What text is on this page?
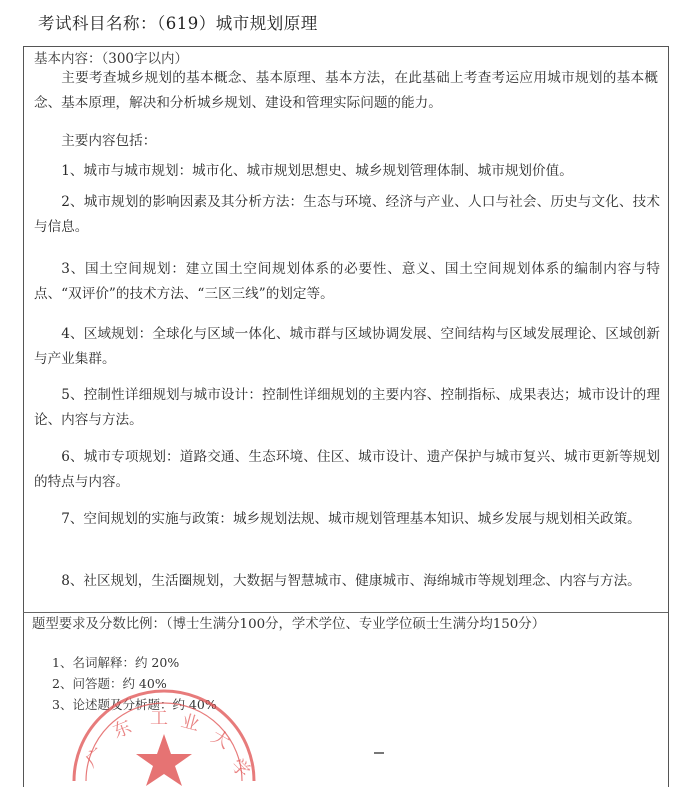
考试科目名称：（619）城市规划原理
基本内容：（300字以内）
主要考查城乡规划的基本概念、基本原理、基本方法，在此基础上考查考运应用城市规划的基本概念、基本原理，解决和分析城乡规划、建设和管理实际问题的能力。
主要内容包括：
1、城市与城市规划：城市化、城市规划思想史、城乡规划管理体制、城市规划价值。
2、城市规划的影响因素及其分析方法：生态与环境、经济与产业、人口与社会、历史与文化、技术与信息。
3、国土空间规划：建立国土空间规划体系的必要性、意义、国土空间规划体系的编制内容与特点、“双评价”的技术方法、“三区三线”的划定等。
4、区域规划：全球化与区域一体化、城市群与区域协调发展、空间结构与区域发展理论、区域创新与产业集群。
5、控制性详细规划与城市设计：控制性详细规划的主要内容、控制指标、成果表达；城市设计的理论、内容与方法。
6、城市专项规划：道路交通、生态环境、住区、城市设计、遗产保护与城市复兴、城市更新等规划的特点与内容。
7、空间规划的实施与政策：城乡规划法规、城市规划管理基本知识、城乡发展与规划相关政策。
8、社区规划，生活圈规划，大数据与智慧城市、健康城市、海绵城市等规划理念、内容与方法。
题型要求及分数比例：（博士生满分100分，学术学位、专业学位硕士生满分均150分）
1、名词解释：约 20%
2、问答题：约 40%
3、论述题及分析题：约 40%
广
东 工 业
大
学
